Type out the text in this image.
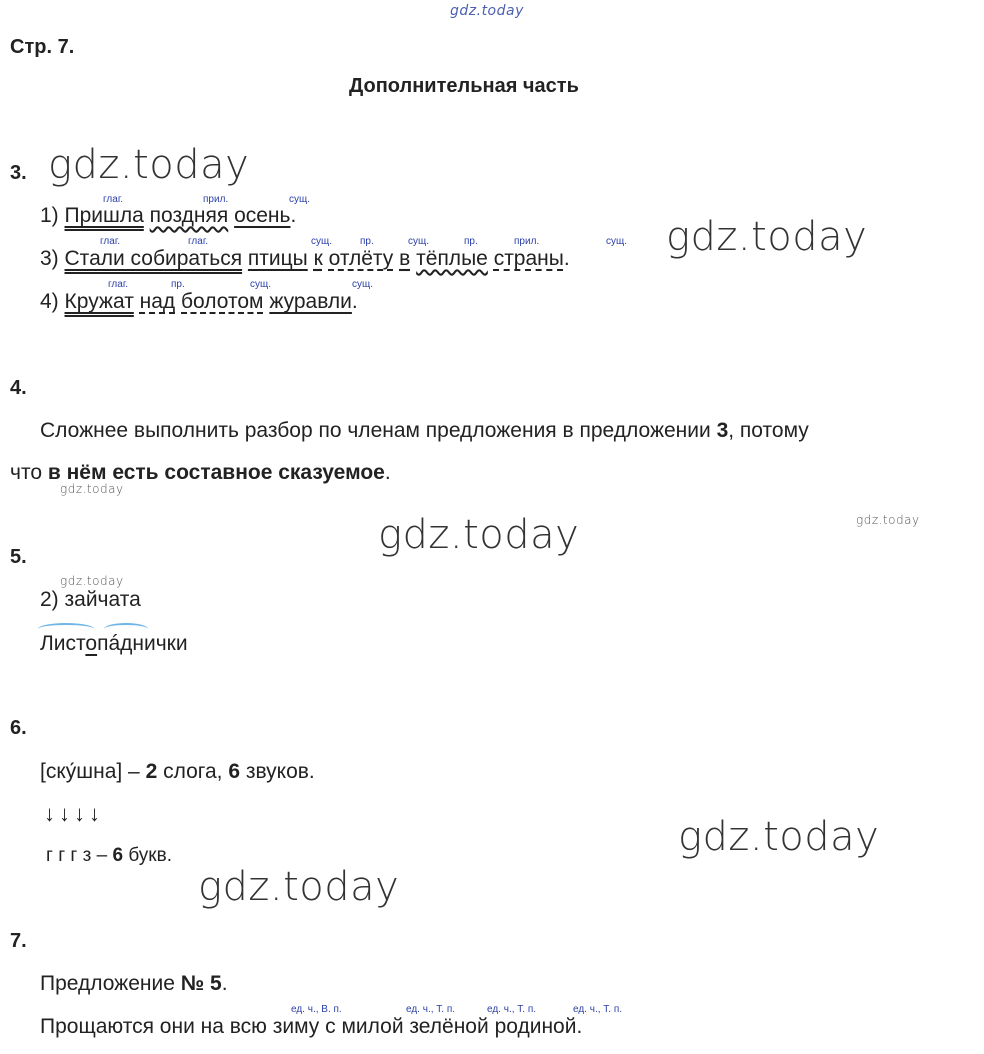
gdz.today
gdz.today
gdz.today
gdz.today
gdz.today	gdz.today
gdz.today
gdz.today
gdz.today
Стр. 7.
Дополнительная часть
3.
глаг.	прил.	сущ.
1) Пришла поздняя осень.
глаг.	глаг.	сущ.	пр.	сущ.	пр.	прил.	сущ.
3) Стали собираться птицы к отлёту в тёплые страны.
глаг.	пр.	сущ.	сущ.
4) Кружат над болотом журавли.
4.
Сложнее выполнить разбор по членам предложения в предложении 3, потому
что в нём есть составное сказуемое.
5.
2) зайчата
Листопáднички
6.
[ску́шна] – 2 слога, 6 звуков.
↓↓↓↓
г г г з – 6 букв.
7.
Предложение № 5.
ед. ч., В. п.	ед. ч., Т. п.	ед. ч., Т. п.	ед. ч., Т. п.
Прощаются они на всю зиму с милой зелёной родиной.
